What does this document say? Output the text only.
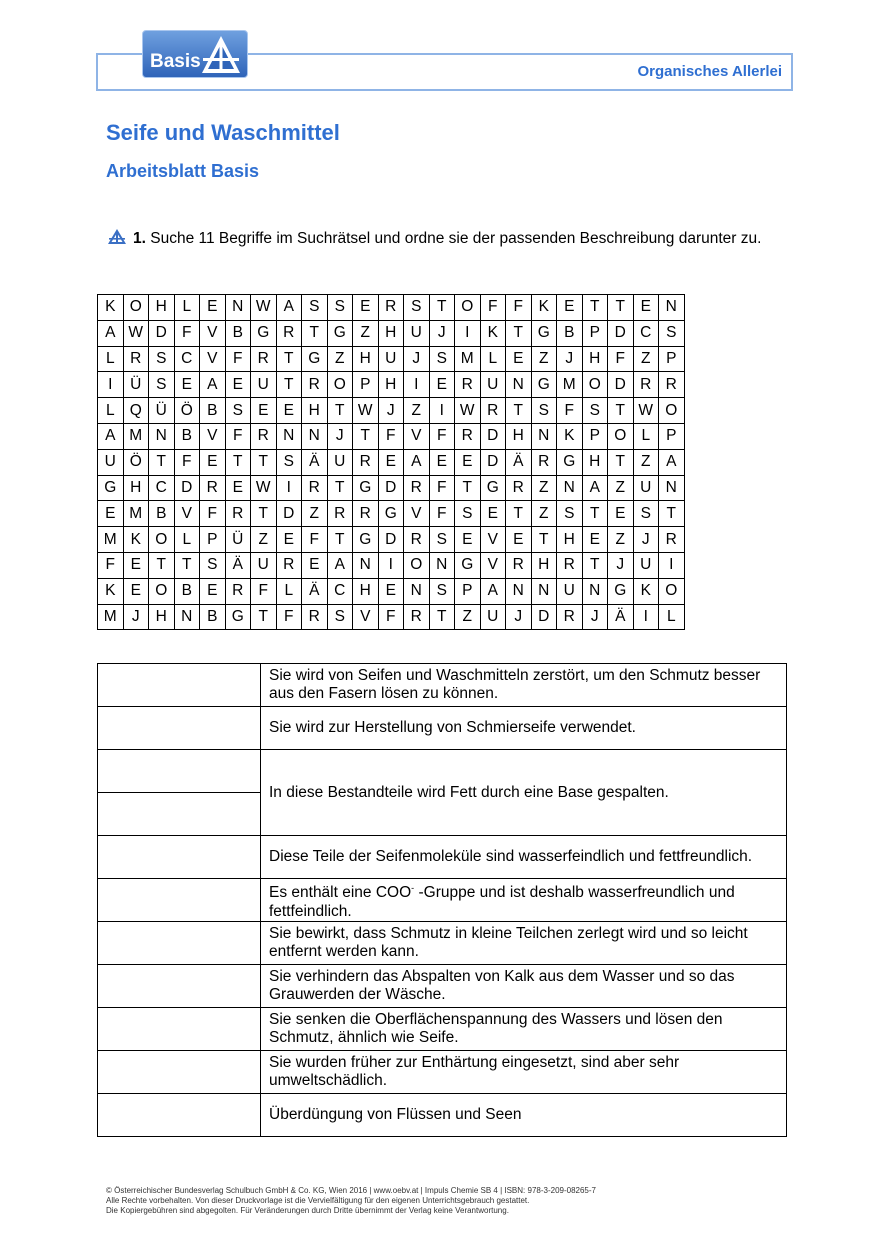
Basis	Organisches Allerlei
Seife und Waschmittel
Arbeitsblatt Basis
1. Suche 11 Begriffe im Suchrätsel und ordne sie der passenden Beschreibung darunter zu.
K	O	H	L	E	N	W	A	S	S	E	R	S	T	O	F	F	K	E	T	T	E	N
A	W	D	F	V	B	G	R	T	G	Z	H	U	J	I	K	T	G	B	P	D	C	S
L	R	S	C	V	F	R	T	G	Z	H	U	J	S	M	L	E	Z	J	H	F	Z	P
I	Ü	S	E	A	E	U	T	R	O	P	H	I	E	R	U	N	G	M	O	D	R	R
L	Q	Ü	Ö	B	S	E	E	H	T	W	J	Z	I	W	R	T	S	F	S	T	W	O
A	M	N	B	V	F	R	N	N	J	T	F	V	F	R	D	H	N	K	P	O	L	P
U	Ö	T	F	E	T	T	S	Ä	U	R	E	A	E	E	D	Ä	R	G	H	T	Z	A
G	H	C	D	R	E	W	I	R	T	G	D	R	F	T	G	R	Z	N	A	Z	U	N
E	M	B	V	F	R	T	D	Z	R	R	G	V	F	S	E	T	Z	S	T	E	S	T
M	K	O	L	P	Ü	Z	E	F	T	G	D	R	S	E	V	E	T	H	E	Z	J	R
F	E	T	T	S	Ä	U	R	E	A	N	I	O	N	G	V	R	H	R	T	J	U	I
K	E	O	B	E	R	F	L	Ä	C	H	E	N	S	P	A	N	N	U	N	G	K	O
M	J	H	N	B	G	T	F	R	S	V	F	R	T	Z	U	J	D	R	J	Ä	I	L
	Sie wird von Seifen und Waschmitteln zerstört, um den Schmutz besser aus den Fasern lösen zu können.
	Sie wird zur Herstellung von Schmierseife verwendet.
	In diese Bestandteile wird Fett durch eine Base gespalten.

	Diese Teile der Seifenmoleküle sind wasserfeindlich und fettfreundlich.
	Es enthält eine COO- -Gruppe und ist deshalb wasserfreundlich und fettfeindlich.
	Sie bewirkt, dass Schmutz in kleine Teilchen zerlegt wird und so leicht entfernt werden kann.
	Sie verhindern das Abspalten von Kalk aus dem Wasser und so das Grauwerden der Wäsche.
	Sie senken die Oberflächenspannung des Wassers und lösen den Schmutz, ähnlich wie Seife.
	Sie wurden früher zur Enthärtung eingesetzt, sind aber sehr umweltschädlich.
	Überdüngung von Flüssen und Seen
© Österreichischer Bundesverlag Schulbuch GmbH & Co. KG, Wien 2016 | www.oebv.at | Impuls Chemie SB 4 | ISBN: 978-3-209-08265-7
Alle Rechte vorbehalten. Von dieser Druckvorlage ist die Vervielfältigung für den eigenen Unterrichtsgebrauch gestattet.
Die Kopiergebühren sind abgegolten. Für Veränderungen durch Dritte übernimmt der Verlag keine Verantwortung.
